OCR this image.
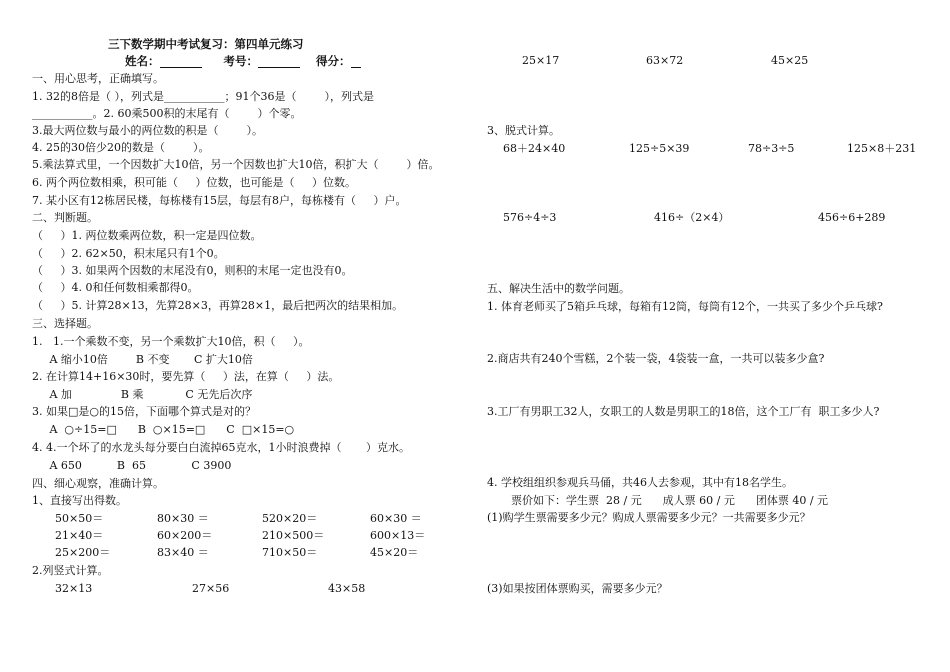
三下数学期中考试复习：第四单元练习
姓名：	考号：	得分：
一、用心思考，正确填写。
1. 32的8倍是（ ），列式是___________；91个36是（        ），列式是
___________。2. 60乘500积的末尾有（        ）个零。
3.最大两位数与最小的两位数的积是（        ）。
4. 25的30倍少20的数是（        ）。
5.乘法算式里，一个因数扩大10倍，另一个因数也扩大10倍，积扩大（        ）倍。
6. 两个两位数相乘，积可能（     ）位数，也可能是（     ）位数。
7. 某小区有12栋居民楼，每栋楼有15层，每层有8户，每栋楼有（     ）户。
二、判断题。
（     ）1. 两位数乘两位数，积一定是四位数。
（     ）2. 62×50，积末尾只有1个0。
（     ）3. 如果两个因数的末尾没有0，则积的末尾一定也没有0。
（     ）4. 0和任何数相乘都得0。
（     ）5. 计算28×13，先算28×3，再算28×1，最后把两次的结果相加。
三、选择题。
1.   1.一个乘数不变，另一个乘数扩大10倍，积（     ）。
A 缩小10倍        B 不变       C 扩大10倍
2. 在计算14+16×30时，要先算（     ）法，在算（     ）法。
A 加              B 乘            C 无先后次序
3. 如果□是○的15倍，下面哪个算式是对的？
A  ○÷15=□      B  ○×15=□      C  □×15=○
4. 4.一个坏了的水龙头每分要白白流掉65克水，1小时浪费掉（       ）克水。
A 650          B  65             C 3900
四、细心观察，准确计算。
1、直接写出得数。
50×50＝	80×30 ＝	520×20＝	60×30 ＝
21×40＝	60×200＝	210×500＝	600×13＝
25×200＝	83×40 ＝	710×50＝	45×20＝
2.列竖式计算。
32×13	27×56	43×58
25×17	63×72	45×25
3、脱式计算。
68＋24×40	125÷5×39	78÷3÷5	125×8＋231
576÷4÷3	416÷（2×4）	456÷6+289
五、解决生活中的数学问题。
1. 体育老师买了5箱乒乓球，每箱有12筒，每筒有12个，一共买了多少个乒乓球?
2.商店共有240个雪糕，2个装一袋，4袋装一盒，一共可以装多少盒?
3.工厂有男职工32人，女职工的人数是男职工的18倍，这个工厂有  职工多少人?
4. 学校组组织参观兵马俑，共46人去参观，其中有18名学生。
票价如下：学生票  28 / 元      成人票 60 / 元      团体票 40 / 元
(1)购学生票需要多少元？购成人票需要多少元？一共需要多少元？
(3)如果按团体票购买，需要多少元？
